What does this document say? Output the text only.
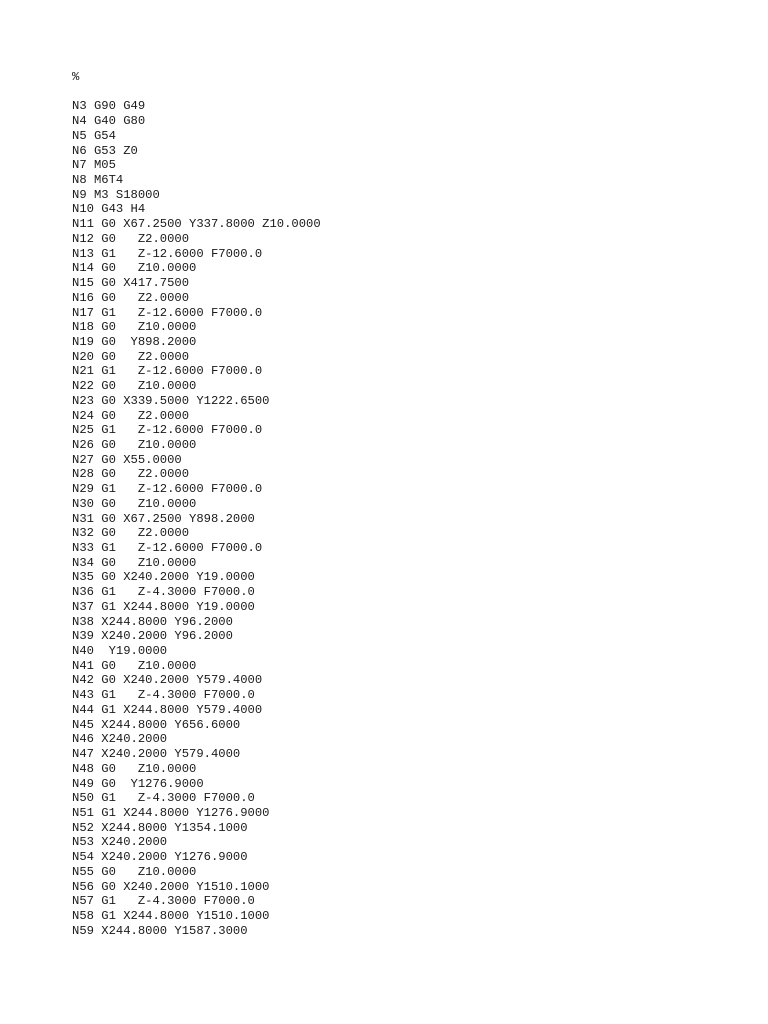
%
N3 G90 G49
N4 G40 G80
N5 G54
N6 G53 Z0
N7 M05
N8 M6T4
N9 M3 S18000
N10 G43 H4
N11 G0 X67.2500 Y337.8000 Z10.0000
N12 G0   Z2.0000
N13 G1   Z-12.6000 F7000.0
N14 G0   Z10.0000
N15 G0 X417.7500
N16 G0   Z2.0000
N17 G1   Z-12.6000 F7000.0
N18 G0   Z10.0000
N19 G0  Y898.2000
N20 G0   Z2.0000
N21 G1   Z-12.6000 F7000.0
N22 G0   Z10.0000
N23 G0 X339.5000 Y1222.6500
N24 G0   Z2.0000
N25 G1   Z-12.6000 F7000.0
N26 G0   Z10.0000
N27 G0 X55.0000
N28 G0   Z2.0000
N29 G1   Z-12.6000 F7000.0
N30 G0   Z10.0000
N31 G0 X67.2500 Y898.2000
N32 G0   Z2.0000
N33 G1   Z-12.6000 F7000.0
N34 G0   Z10.0000
N35 G0 X240.2000 Y19.0000
N36 G1   Z-4.3000 F7000.0
N37 G1 X244.8000 Y19.0000
N38 X244.8000 Y96.2000
N39 X240.2000 Y96.2000
N40  Y19.0000
N41 G0   Z10.0000
N42 G0 X240.2000 Y579.4000
N43 G1   Z-4.3000 F7000.0
N44 G1 X244.8000 Y579.4000
N45 X244.8000 Y656.6000
N46 X240.2000
N47 X240.2000 Y579.4000
N48 G0   Z10.0000
N49 G0  Y1276.9000
N50 G1   Z-4.3000 F7000.0
N51 G1 X244.8000 Y1276.9000
N52 X244.8000 Y1354.1000
N53 X240.2000
N54 X240.2000 Y1276.9000
N55 G0   Z10.0000
N56 G0 X240.2000 Y1510.1000
N57 G1   Z-4.3000 F7000.0
N58 G1 X244.8000 Y1510.1000
N59 X244.8000 Y1587.3000
